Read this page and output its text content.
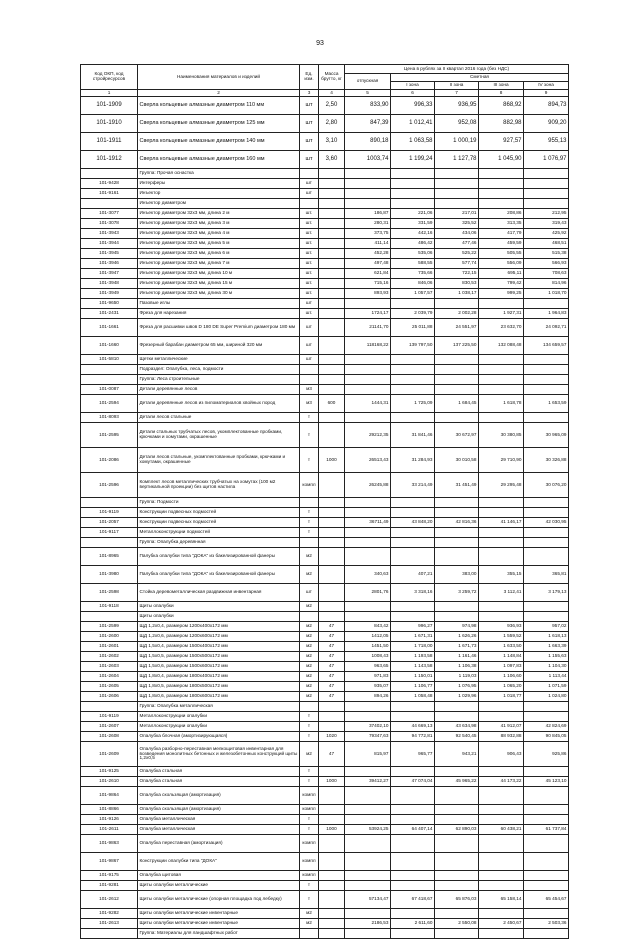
93
Код ОКП, код стройресурсов	Наименования материалов и изделий	Ед. изм.	Масса брутто, кг	Цена в рублях за II квартал 2016 года (без НДС)				
				отпускная	Сметная			
					I зона	II зона	III зона	IV зона
1	2	3	4	5	6	7	8	9
101-1909	Сверла кольцевые алмазные диаметром 110 мм	шт	2,50	833,90	996,33	936,95	868,92	894,73
101-1910	Сверла кольцевые алмазные диаметром 125 мм	шт	2,80	847,39	1 012,41	952,08	882,98	909,20
101-1911	Сверла кольцевые алмазные диаметром 140 мм	шт	3,10	890,18	1 063,58	1 000,19	927,57	955,13
101-1912	Сверла кольцевые алмазные диаметром 160 мм	шт	3,60	1003,74	1 199,24	1 127,78	1 045,90	1 076,97
	Группа: Прочая оснастка							
101-9428	Интерферы	шт						
101-9161	Инъектор	шт						
	Инъектор диаметром							
101-3077	Инъектор диаметром 32х3 мм, длина 2 м	шт.		186,87	221,06	217,01	208,86	212,95
101-3078	Инъектор диаметром 32х3 мм, длина 3 м	шт.		280,31	331,59	325,52	313,35	319,43
101-3943	Инъектор диаметром 32х3 мм, длина 4 м	шт.		373,75	442,16	434,06	417,79	425,92
101-3944	Инъектор диаметром 32х3 мм, длина 5 м	шт.		411,14	486,42	477,46	459,59	468,51
101-3945	Инъектор диаметром 32х3 мм, длина 6 м	шт.		452,28	535,06	525,22	505,55	515,38
101-3946	Инъектор диаметром 32х3 мм, длина 7 м	шт.		497,48	588,55	577,74	556,09	566,93
101-3947	Инъектор диаметром 32х3 мм, длина 10 м	шт.		621,84	735,66	722,15	695,11	708,63
101-3948	Инъектор диаметром 32х3 мм, длина 15 м	шт.		715,16	846,06	830,53	799,42	814,96
101-3949	Инъектор диаметром 32х3 мм, длина 30 м	шт.		893,93	1 057,57	1 038,17	999,25	1 018,70
101-9650	Пазовые иглы	шт						
101-2431	Фреза для нарезания	шт.		1724,17	2 039,79	2 002,28	1 927,31	1 964,83
101-1661	Фреза для расшивки швов D 180 DE Super Premium диаметром 180 мм	шт		21141,70	25 011,88	24 551,97	23 632,70	24 092,71
101-1660	Фрезерный барабан диаметром 65 мм, шириной 320 мм	шт		118168,22	139 797,50	137 225,50	132 088,48	134 659,57
101-5810	Щетки металлические	шт						
	Подраздел: Опалубка, леса, подмости							
	Группа: Леса строительные							
101-0087	Детали деревянные лесов	м3						
101-2594	Детали деревянные лесов из пиломатериалов хвойных пород	м3	600	1444,31	1 725,09	1 684,45	1 618,78	1 653,59
101-8093	Детали лесов стальные	т						
101-2595	Детали стальных трубчатых лесов, укомплектованные пробками, крючками и хомутами, окрашенные	т		29212,35	31 841,46	30 672,97	30 380,85	30 965,09
101-2086	Детали лесов стальные, укомплектованные пробками, крючками и хомутами, окрашенные	т	1000	26513,43	31 284,93	30 010,58	29 710,90	30 326,88
101-2596	Комплект лесов металлических трубчатых на хомутах (100 м2 вертикальной проекции) без щитов настила	компл		26245,88	33 214,49	31 451,49	29 295,48	30 076,20
	Группа: Подмости							
101-9119	Конструкции подвесных подмостей	т						
101-2057	Конструкции подвесных подмостей	т		36711,49	43 848,20	42 816,36	41 146,17	42 030,95
101-9117	Металлоконструкции подмостей	т						
	Группа: Опалубка деревянная							
101-8965	Палубка опалубки типа "ДОКА" из бакелизированной фанеры	м2						
101-3980	Палубка опалубки типа "ДОКА" из бакелизированной фанеры	м2		340,63	407,21	383,00	355,15	365,81
101-2598	Стойка деревометаллическая раздвижная инвентарная	шт		2801,76	3 318,16	3 259,72	3 112,41	3 179,13
101-9118	Щиты опалубки	м2						
	Щиты опалубки							
101-2599	ЩД 1,2х0,4, размером 1200х400х172 мм	м2	47	843,42	996,27	974,98	936,93	957,02
101-2600	ЩД 1,2х0,6, размером 1200х600х172 мм	м2	47	1412,05	1 671,31	1 626,26	1 559,52	1 618,13
101-2601	ЩД 1,5х0,4, размером 1500х400х172 мм	м2	47	1451,50	1 718,00	1 671,73	1 633,50	1 663,39
101-2602	ЩД 1,5х0,5, размером 1500х500х172 мм	м2	47	1008,43	1 193,58	1 161,46	1 148,84	1 155,63
101-2603	ЩД 1,5х0,6, размером 1500х600х172 мм	м2	47	963,65	1 143,58	1 106,38	1 097,83	1 104,30
101-2604	ЩД 1,8х0,4, размером 1800х400х172 мм	м2	47	971,83	1 150,01	1 119,03	1 106,60	1 113,44
101-2605	ЩД 1,8х0,5, размером 1800х500х172 мм	м2	47	935,07	1 106,77	1 076,95	1 065,20	1 071,59
101-2606	ЩД 1,8х0,6, размером 1800х600х172 мм	м2	47	894,26	1 058,48	1 029,96	1 018,77	1 024,80
	Группа: Опалубка металлическая							
101-9119	Металлоконструкции опалубки	т						
101-2607	Металлоконструкции опалубки	т		37402,10	44 669,13	43 634,98	41 912,07	42 824,69
101-2608	Опалубка блочная (амортизирующаяся)	т	1020	79347,63	94 772,81	92 540,45	88 932,88	90 845,05
101-2609	Опалубка разборно-переставная мелкощитовая инвентарная для возведения монолитных бетонных и железобетонных конструкций щиты 1,2х0,5	м2	47	815,97	965,77	943,21	906,43	925,86
101-9125	Опалубка стальная	т						
101-2610	Опалубка стальная	т	1000	39412,27	47 074,04	45 965,22	44 173,22	45 123,10
101-9864	Опалубка скользящая (амортизация)	компл						
101-8866	Опалубка скользящая (амортизация)	компл						
101-9126	Опалубка металлическая	т						
101-2611	Опалубка металлическая	т	1000	53924,25	64 407,14	62 890,03	60 438,21	61 737,84
101-9863	Опалубка переставная (амортизация)	компл						
101-9867	Конструкции опалубки типа "ДОКА"	компл						
101-9175	Опалубка щитовая	компл						
101-9281	Щиты опалубки металлические	т						
101-2612	Щиты опалубки металлические (опорная площадка под лебедку)	т		57134,47	67 418,67	65 876,03	65 158,14	65 454,67
101-9282	Щиты опалубки металлические инвентарные	м2						
101-2613	Щиты опалубки металлические инвентарные	м2		2186,53	2 611,60	2 550,08	2 450,67	2 503,36
	Группа: Материалы для ландшафтных работ							
